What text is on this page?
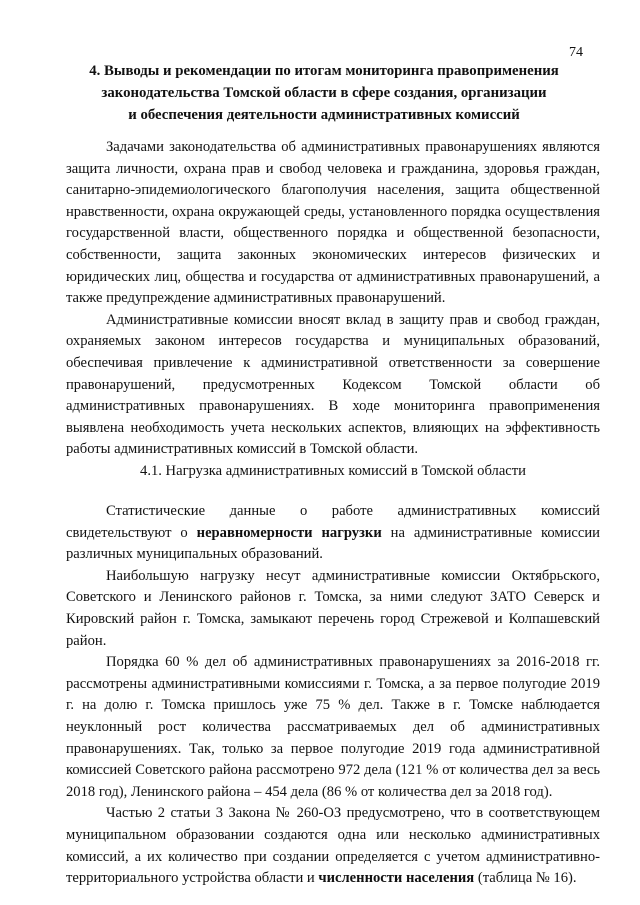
74
4. Выводы и рекомендации по итогам мониторинга правоприменения
законодательства Томской области в сфере создания, организации
и обеспечения деятельности административных комиссий

Задачами законодательства об административных правонарушениях являются защита личности, охрана прав и свобод человека и гражданина, здоровья граждан, санитарно-эпидемиологического благополучия населения, защита общественной нравственности, охрана окружающей среды, установленного порядка осуществления государственной власти, общественного порядка и общественной безопасности, собственности, защита законных экономических интересов физических и юридических лиц, общества и государства от административных правонарушений, а также предупреждение административных правонарушений.

Административные комиссии вносят вклад в защиту прав и свобод граждан, охраняемых законом интересов государства и муниципальных образований, обеспечивая привлечение к административной ответственности за совершение правонарушений, предусмотренных Кодексом Томской области об административных правонарушениях. В ходе мониторинга правоприменения выявлена необходимость учета нескольких аспектов, влияющих на эффективность работы административных комиссий в Томской области.

4.1. Нагрузка административных комиссий в Томской области

Статистические данные о работе административных комиссий свидетельствуют о неравномерности нагрузки на административные комиссии различных муниципальных образований.

Наибольшую нагрузку несут административные комиссии Октябрьского, Советского и Ленинского районов г. Томска, за ними следуют ЗАТО Северск и Кировский район г. Томска, замыкают перечень город Стрежевой и Колпашевский район.

Порядка 60 % дел об административных правонарушениях за 2016-2018 гг. рассмотрены административными комиссиями г. Томска, а за первое полугодие 2019 г. на долю г. Томска пришлось уже 75 % дел. Также в г. Томске наблюдается неуклонный рост количества рассматриваемых дел об административных правонарушениях. Так, только за первое полугодие 2019 года административной комиссией Советского района рассмотрено 972 дела (121 % от количества дел за весь 2018 год), Ленинского района – 454 дела (86 % от количества дел за 2018 год).

Частью 2 статьи 3 Закона № 260-ОЗ предусмотрено, что в соответствующем муниципальном образовании создаются одна или несколько административных комиссий, а их количество при создании определяется с учетом административно-территориального устройства области и численности населения (таблица № 16).
